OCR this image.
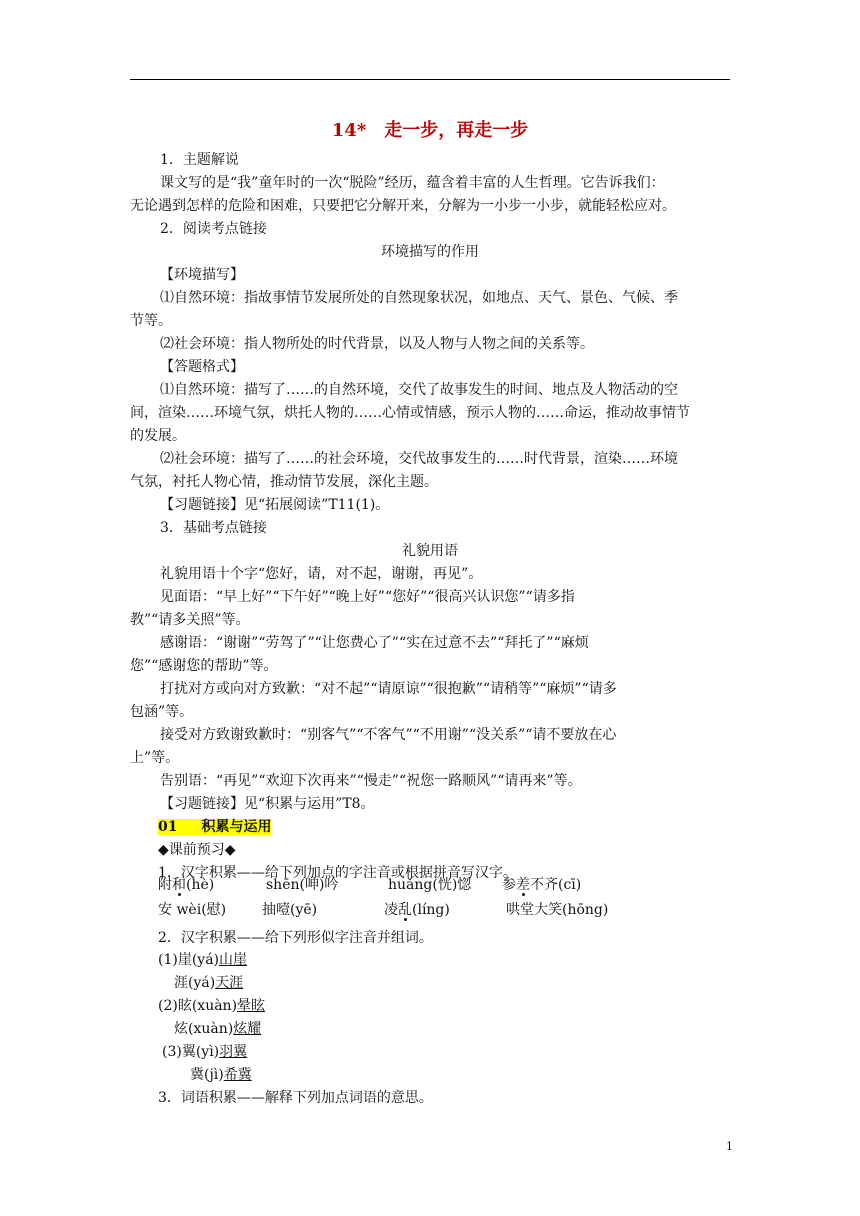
14*　走一步，再走一步
1．主题解说
课文写的是“我”童年时的一次“脱险”经历，蕴含着丰富的人生哲理。它告诉我们：
无论遇到怎样的危险和困难，只要把它分解开来，分解为一小步一小步，就能轻松应对。
2．阅读考点链接
环境描写的作用
【环境描写】
⑴自然环境：指故事情节发展所处的自然现象状况，如地点、天气、景色、气候、季
节等。
⑵社会环境：指人物所处的时代背景，以及人物与人物之间的关系等。
【答题格式】
⑴自然环境：描写了……的自然环境，交代了故事发生的时间、地点及人物活动的空
间，渲染……环境气氛，烘托人物的……心情或情感，预示人物的……命运，推动故事情节
的发展。
⑵社会环境：描写了……的社会环境，交代故事发生的……时代背景，渲染……环境
气氛，衬托人物心情，推动情节发展，深化主题。
【习题链接】见“拓展阅读”T11(1)。
3．基础考点链接
礼貌用语
礼貌用语十个字“您好，请，对不起，谢谢，再见”。
见面语：“早上好”“下午好”“晚上好”“您好”“很高兴认识您”“请多指
教”“请多关照”等。
感谢语：“谢谢”“劳驾了”“让您费心了”“实在过意不去”“拜托了”“麻烦
您”“感谢您的帮助”等。
打扰对方或向对方致歉：“对不起”“请原谅”“很抱歉”“请稍等”“麻烦”“请多
包涵”等。
接受对方致谢致歉时：“别客气”“不客气”“不用谢”“没关系”“请不要放在心
上”等。
告别语：“再见”“欢迎下次再来”“慢走”“祝您一路顺风”“请再来”等。
【习题链接】见“积累与运用”T8。
01 积累与运用
◆课前预习◆
1．汉字积累——给下列加点的字注音或根据拼音写汉字。
附和(hè)	shēn(呻)吟	huǎng(恍)惚 参差不齐(cī)
安 wèi(慰)	抽噎(yē)	凌乱(líng)	哄堂大笑(hōng)
2．汉字积累——给下列形似字注音并组词。
(1)崖(yá)山崖
涯(yá)天涯
(2)眩(xuàn)晕眩
炫(xuàn)炫耀
(3)翼(yì)羽翼
冀(jì)希冀
3．词语积累——解释下列加点词语的意思。
1
